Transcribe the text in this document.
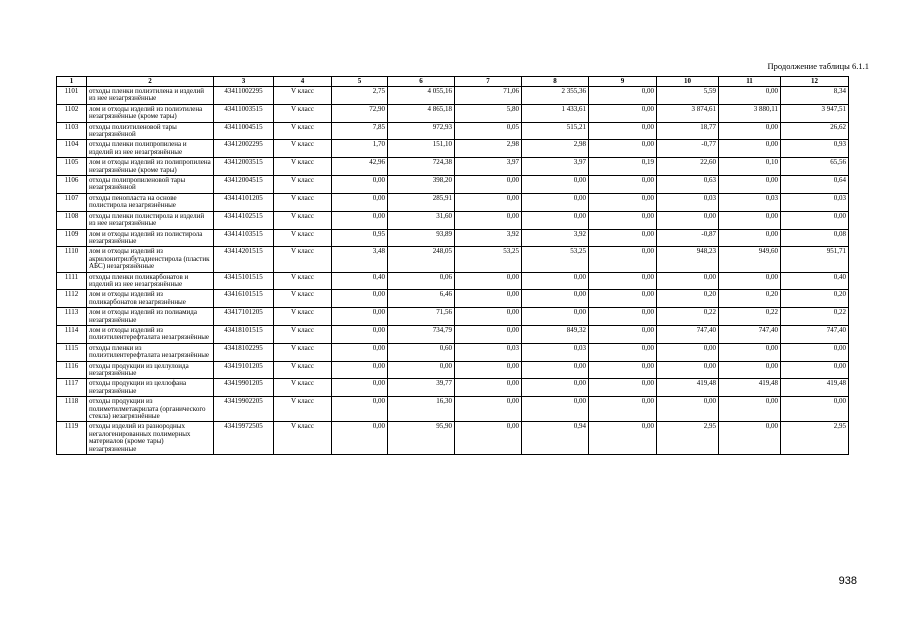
Продолжение таблицы 6.1.1
1	2	3	4	5	6	7	8	9	10	11	12
1101	отходы пленки полиэтилена и изделий из нее незагрязнённые	43411002295	V класс	2,75	4 055,16	71,06	2 355,36	0,00	5,59	0,00	8,34
1102	лом и отходы изделий из полиэтилена незагрязнённые (кроме тары)	43411003515	V класс	72,90	4 865,18	5,80	1 433,61	0,00	3 874,61	3 880,11	3 947,51
1103	отходы полиэтиленовой тары незагрязнённой	43411004515	V класс	7,85	972,93	0,05	515,21	0,00	18,77	0,00	26,62
1104	отходы пленки полипропилена и изделий из нее незагрязнённые	43412002295	V класс	1,70	151,10	2,98	2,98	0,00	-0,77	0,00	0,93
1105	лом и отходы изделий из полипропилена незагрязнённые (кроме тары)	43412003515	V класс	42,96	724,38	3,97	3,97	0,19	22,60	0,10	65,56
1106	отходы полипропиленовой тары незагрязнённой	43412004515	V класс	0,00	398,20	0,00	0,00	0,00	0,63	0,00	0,64
1107	отходы пенопласта на основе полистирола незагрязнённые	43414101205	V класс	0,00	285,91	0,00	0,00	0,00	0,03	0,03	0,03
1108	отходы пленки полистирола и изделий из нее незагрязнённые	43414102515	V класс	0,00	31,60	0,00	0,00	0,00	0,00	0,00	0,00
1109	лом и отходы изделий из полистирола незагрязнённые	43414103515	V класс	0,95	93,89	3,92	3,92	0,00	-0,87	0,00	0,08
1110	лом и отходы изделий из акрилонитрилбутадиенстирола (пластик АБС) незагрязнённые	43414201515	V класс	3,48	248,05	53,25	53,25	0,00	948,23	949,60	951,71
1111	отходы пленки поликарбонатов и изделий из нее незагрязнённые	43415101515	V класс	0,40	0,06	0,00	0,00	0,00	0,00	0,00	0,40
1112	лом и отходы изделий из поликарбонатов незагрязнённые	43416101515	V класс	0,00	6,46	0,00	0,00	0,00	0,20	0,20	0,20
1113	лом и отходы изделий из полиамида незагрязнённые	43417101205	V класс	0,00	71,56	0,00	0,00	0,00	0,22	0,22	0,22
1114	лом и отходы изделий из полиэтилентерефталата незагрязнённые	43418101515	V класс	0,00	734,79	0,00	849,32	0,00	747,40	747,40	747,40
1115	отходы пленки из полиэтилентерефталата незагрязнённые	43418102295	V класс	0,00	0,60	0,03	0,03	0,00	0,00	0,00	0,00
1116	отходы продукции из целлулоида незагрязнённые	43419101205	V класс	0,00	0,00	0,00	0,00	0,00	0,00	0,00	0,00
1117	отходы продукции из целлофана незагрязнённые	43419901205	V класс	0,00	39,77	0,00	0,00	0,00	419,48	419,48	419,48
1118	отходы продукции из полиметилметакрилата (органического стекла) незагрязнённые	43419902205	V класс	0,00	16,30	0,00	0,00	0,00	0,00	0,00	0,00
1119	отходы изделий из разнородных негалогенированных полимерных материалов (кроме тары) незагрязненные	43419972505	V класс	0,00	95,90	0,00	0,94	0,00	2,95	0,00	2,95
938
